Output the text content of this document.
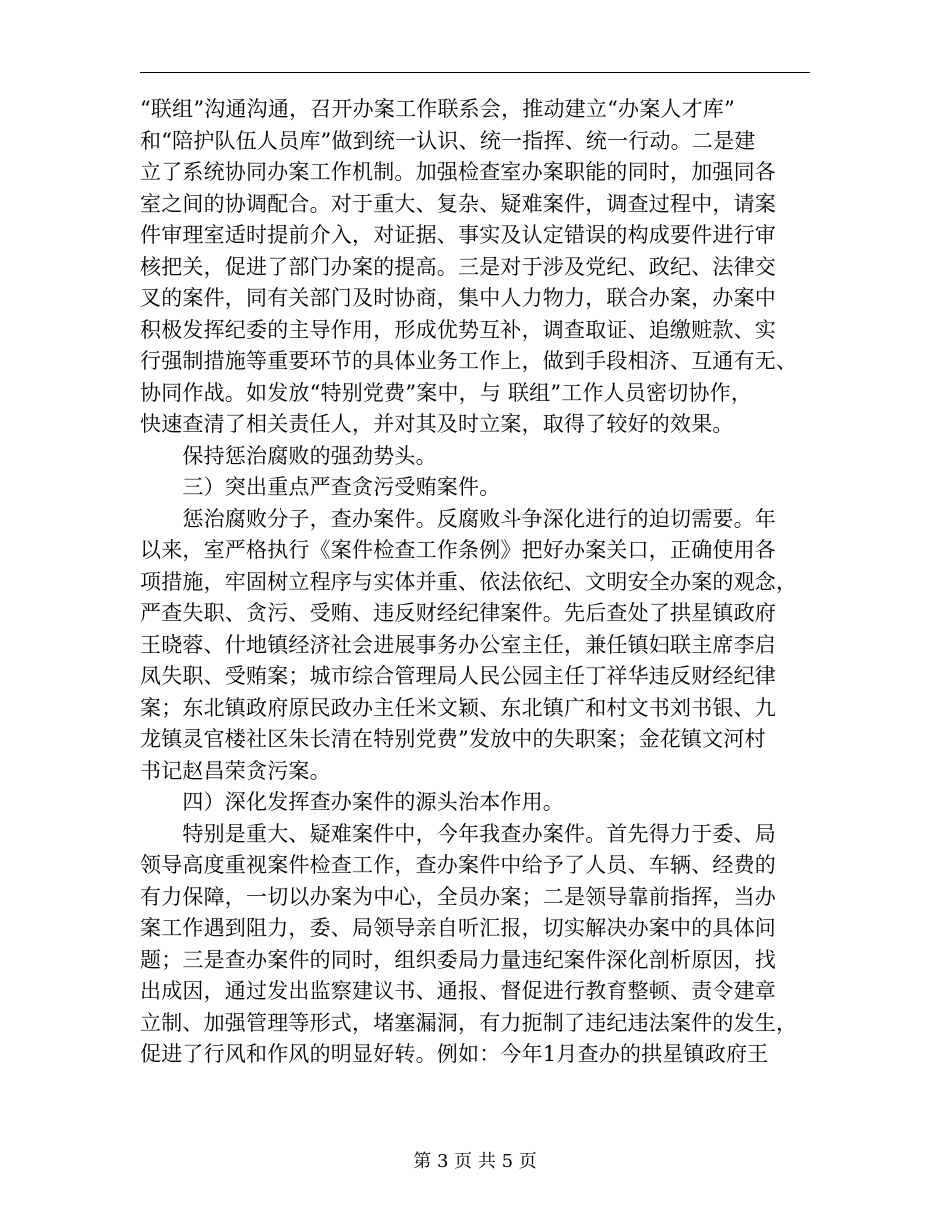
“联组”沟通沟通，召开办案工作联系会，推动建立“办案人才库”

和“陪护队伍人员库”做到统一认识、统一指挥、统一行动。二是建

立了系统协同办案工作机制。加强检查室办案职能的同时，加强同各

室之间的协调配合。对于重大、复杂、疑难案件，调查过程中，请案

件审理室适时提前介入，对证据、事实及认定错误的构成要件进行审

核把关，促进了部门办案的提高。三是对于涉及党纪、政纪、法律交

叉的案件，同有关部门及时协商，集中人力物力，联合办案，办案中

积极发挥纪委的主导作用，形成优势互补，调查取证、追缴赃款、实

行强制措施等重要环节的具体业务工作上，做到手段相济、互通有无、

协同作战。如发放“特别党费”案中，与 联组”工作人员密切协作，

快速查清了相关责任人，并对其及时立案，取得了较好的效果。

　　保持惩治腐败的强劲势头。

　　三）突出重点严查贪污受贿案件。

　　惩治腐败分子，查办案件。反腐败斗争深化进行的迫切需要。年

以来，室严格执行《案件检查工作条例》把好办案关口，正确使用各

项措施，牢固树立程序与实体并重、依法依纪、文明安全办案的观念，

严查失职、贪污、受贿、违反财经纪律案件。先后查处了拱星镇政府

王晓蓉、什地镇经济社会进展事务办公室主任，兼任镇妇联主席李启

凤失职、受贿案；城市综合管理局人民公园主任丁祥华违反财经纪律

案；东北镇政府原民政办主任米文颖、东北镇广和村文书刘书银、九

龙镇灵官楼社区朱长清在特别党费”发放中的失职案；金花镇文河村

书记赵昌荣贪污案。

　　四）深化发挥查办案件的源头治本作用。

　　特别是重大、疑难案件中，今年我查办案件。首先得力于委、局

领导高度重视案件检查工作，查办案件中给予了人员、车辆、经费的

有力保障，一切以办案为中心，全员办案；二是领导靠前指挥，当办

案工作遇到阻力，委、局领导亲自听汇报，切实解决办案中的具体问

题；三是查办案件的同时，组织委局力量违纪案件深化剖析原因，找

出成因，通过发出监察建议书、通报、督促进行教育整顿、责令建章

立制、加强管理等形式，堵塞漏洞，有力扼制了违纪违法案件的发生，

促进了行风和作风的明显好转。例如：今年1月查办的拱星镇政府王

第 3 页 共 5 页
